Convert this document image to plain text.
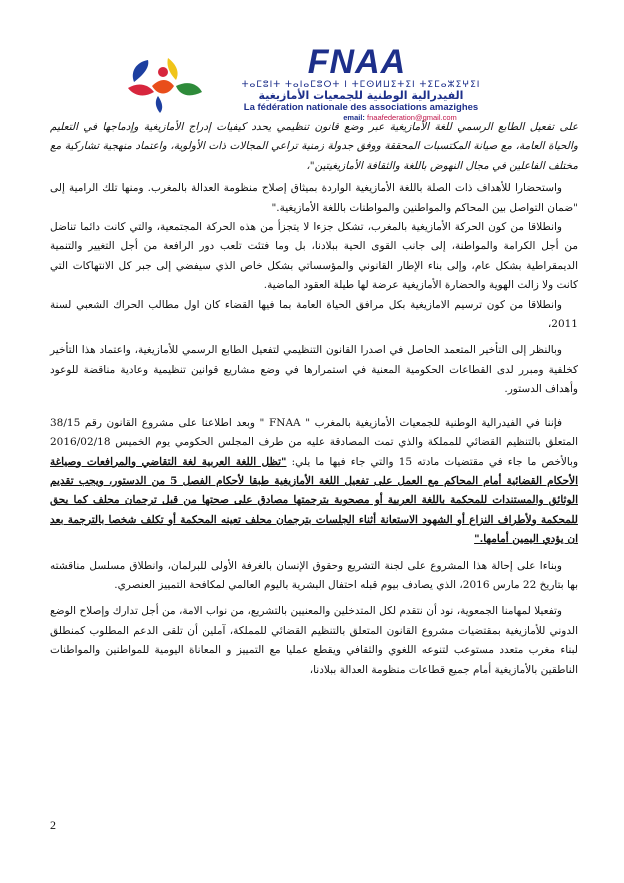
FNAA
ⵜⴰⵎⵓⵏⵜ ⵜⴰⵏⴰⵎⵓⵔⵜ ⵏ ⵜⵎⵙⵍⵡⵉⵜⵉⵏ ⵜⵉⵎⴰⵣⵉⵖⵉⵏ
الفيدرالية الوطنية للجمعيات الأمازيغية
La fédération nationale des associations amazighes
email: fnaafederation@gmail.com

على تفعيل الطابع الرسمي للغة الأمازيغية عبر وضع قانون تنظيمي يحدد كيفيات إدراج الأمازيغية وإدماجها في التعليم والحياة العامة، مع صيانة المكتسبات المحققة ووفق جدولة زمنية تراعي المجالات ذات الأولوية، واعتماد منهجية تشاركية مع مختلف الفاعلين في مجال النهوض باللغة والثقافة الأمازيغيتين"،

واستحضارا للأهداف ذات الصلة باللغة الأمازيغية الواردة بميثاق إصلاح منظومة العدالة بالمغرب. ومنها تلك الرامية إلى "ضمان التواصل بين المحاكم والمواطنين والمواطنات باللغة الأمازيغية."

وانطلاقا من كون الحركة الأمازيغية بالمغرب، تشكل جزءا لا يتجزأ من هذه الحركة المجتمعية، والتي كانت دائما تناضل من أجل الكرامة والمواطنة، إلى جانب القوى الحية ببلادنا، بل وما فتئت تلعب دور الرافعة من أجل التغيير والتنمية الديمقراطية بشكل عام، وإلى بناء الإطار القانوني والمؤسساتي بشكل خاص الذي سيفضي إلى جبر كل الانتهاكات التي كانت ولا زالت الهوية والحضارة الأمازيغية عرضة لها طيلة العقود الماضية.

وانطلاقا من كون ترسيم الامازيغية بكل مرافق الحياة العامة بما فيها القضاء كان اول مطالب الحراك الشعبي لسنة 2011،

وبالنظر إلى التأخير المتعمد الحاصل في اصدرا القانون التنظيمي لتفعيل الطابع الرسمي للأمازيغية، واعتماد هذا التأخير كخلفية ومبرر لدى القطاعات الحكومية المعنية في استمرارها في وضع مشاريع قوانين تنظيمية وعادية مناقضة للوعود وأهداف الدستور.

فإننا في الفيدرالية الوطنية للجمعيات الأمازيغية بالمغرب " FNAA " وبعد اطلاعنا على مشروع القانون رقم 38/15 المتعلق بالتنظيم القضائي للمملكة والذي تمت المصادقة عليه من طرف المجلس الحكومي يوم الخميس 2016/02/18 وبالأخص ما جاء في مقتضيات مادته 15 والتي جاء فيها ما يلي: "تظل اللغة العربية لغة التقاضي والمرافعات وصياغة الأحكام القضائية أمام المحاكم مع العمل على تفعيل اللغة الأمازيغية طبقا لأحكام الفصل 5 من الدستور، ويجب تقديم الوثائق والمستندات للمحكمة باللغة العربية أو مصحوبة بترجمتها مصادق على صحتها من قبل ترجمان محلف كما يحق للمحكمة ولأطراف النزاع أو الشهود الاستعانة أثناء الجلسات بترجمان محلف تعينه المحكمة أو تكلف شخصا بالترجمة بعد ان يؤدي اليمين أمامها."

وبناءا على إحالة هذا المشروع على لجنة التشريع وحقوق الإنسان بالغرفة الأولى للبرلمان، وانطلاق مسلسل مناقشته بها بتاريخ 22 مارس 2016، الذي يصادف بيوم قبله احتفال البشرية باليوم العالمي لمكافحة التمييز العنصري.

وتفعيلا لمهامنا الجمعوية، نود أن نتقدم لكل المتدخلين والمعنيين بالتشريع، من نواب الامة، من أجل تدارك وإصلاح الوضع الدوني للأمازيغية بمقتضيات مشروع القانون المتعلق بالتنظيم القضائي للمملكة، آملين أن تلقى الدعم المطلوب كمنطلق لبناء مغرب متعدد مستوعب لتنوعه اللغوي والثقافي ويقطع عمليا مع التمييز و المعاناة اليومية للمواطنين والمواطنات الناطقين بالأمازيغية أمام جميع قطاعات منظومة العدالة ببلادنا،

2
